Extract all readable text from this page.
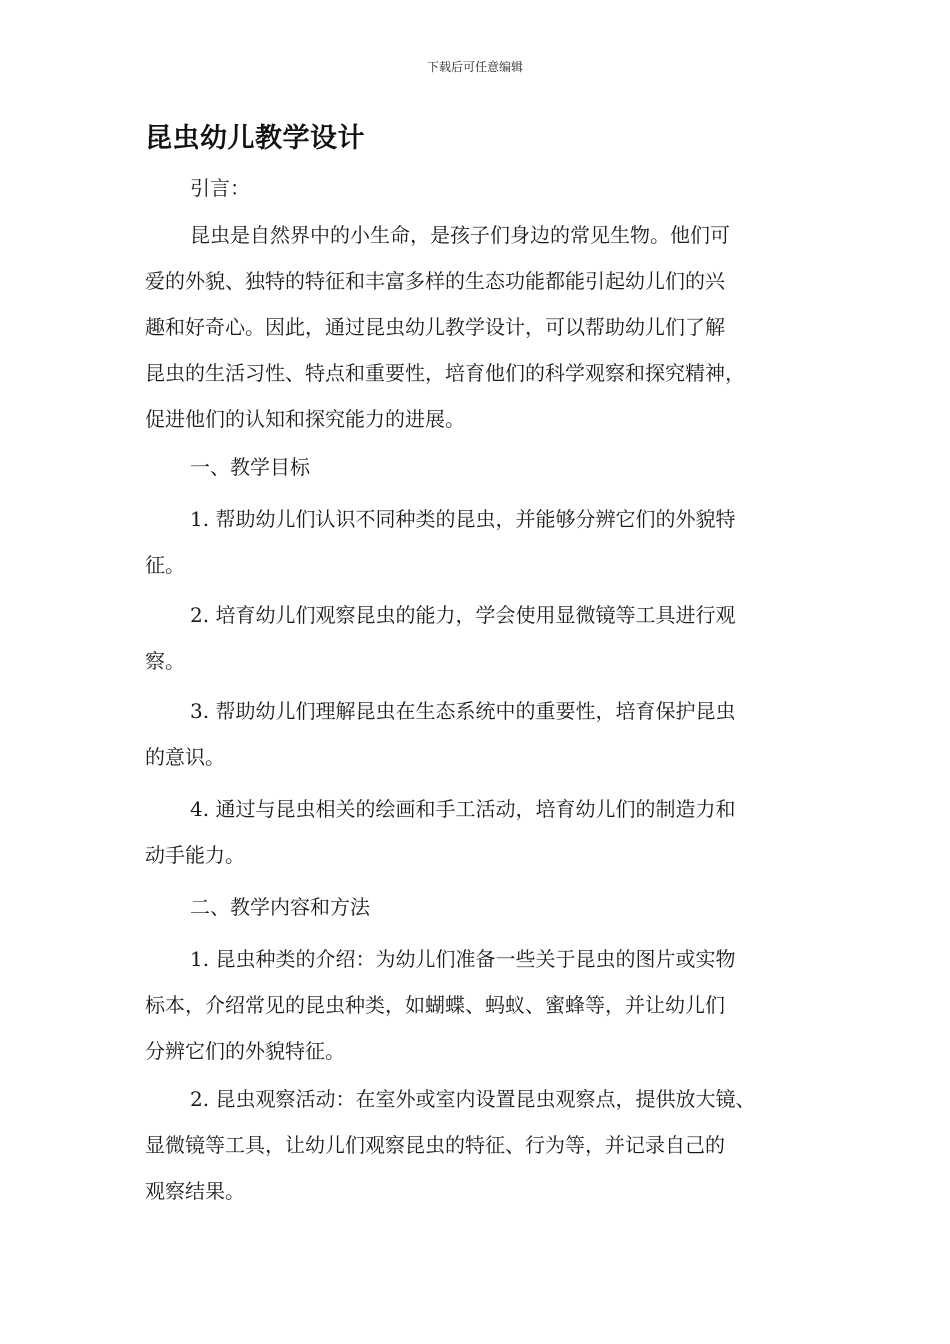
下载后可任意编辑
昆虫幼儿教学设计

引言：

昆虫是自然界中的小生命，是孩子们身边的常见生物。他们可
爱的外貌、独特的特征和丰富多样的生态功能都能引起幼儿们的兴
趣和好奇心。因此，通过昆虫幼儿教学设计，可以帮助幼儿们了解
昆虫的生活习性、特点和重要性，培育他们的科学观察和探究精神，
促进他们的认知和探究能力的进展。

一、教学目标

1. 帮助幼儿们认识不同种类的昆虫，并能够分辨它们的外貌特
征。

2. 培育幼儿们观察昆虫的能力，学会使用显微镜等工具进行观
察。

3. 帮助幼儿们理解昆虫在生态系统中的重要性，培育保护昆虫
的意识。

4. 通过与昆虫相关的绘画和手工活动，培育幼儿们的制造力和
动手能力。

二、教学内容和方法

1. 昆虫种类的介绍：为幼儿们准备一些关于昆虫的图片或实物
标本，介绍常见的昆虫种类，如蝴蝶、蚂蚁、蜜蜂等，并让幼儿们
分辨它们的外貌特征。

2. 昆虫观察活动：在室外或室内设置昆虫观察点，提供放大镜、
显微镜等工具，让幼儿们观察昆虫的特征、行为等，并记录自己的
观察结果。
